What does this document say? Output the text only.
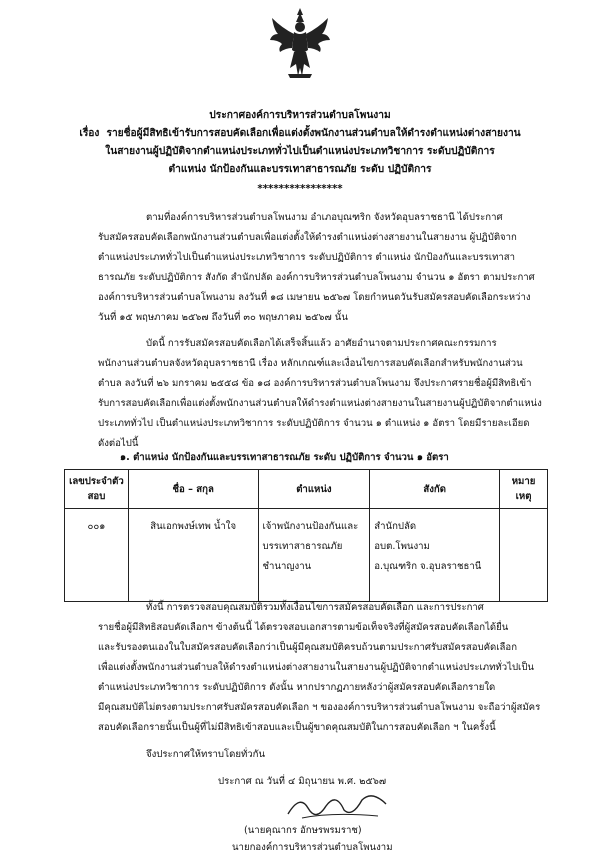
ประกาศองค์การบริหารส่วนตำบลโพนงาม
เรื่อง รายชื่อผู้มีสิทธิเข้ารับการสอบคัดเลือกเพื่อแต่งตั้งพนักงานส่วนตำบลให้ดำรงตำแหน่งต่างสายงาน
ในสายงานผู้ปฏิบัติจากตำแหน่งประเภททั่วไปเป็นตำแหน่งประเภทวิชาการ ระดับปฏิบัติการ
ตำแหน่ง นักป้องกันและบรรเทาสาธารณภัย ระดับ ปฏิบัติการ
****************
ตามที่องค์การบริหารส่วนตำบลโพนงาม อำเภอบุณฑริก จังหวัดอุบลราชธานี ได้ประกาศ
รับสมัครสอบคัดเลือกพนักงานส่วนตำบลเพื่อแต่งตั้งให้ดำรงตำแหน่งต่างสายงานในสายงาน ผู้ปฏิบัติจาก
ตำแหน่งประเภททั่วไปเป็นตำแหน่งประเภทวิชาการ ระดับปฏิบัติการ ตำแหน่ง นักป้องกันและบรรเทาสา
ธารณภัย ระดับปฏิบัติการ สังกัด สำนักปลัด องค์การบริหารส่วนตำบลโพนงาม จำนวน ๑ อัตรา ตามประกาศ
องค์การบริหารส่วนตำบลโพนงาม ลงวันที่ ๑๘ เมษายน ๒๕๖๗ โดยกำหนดวันรับสมัครสอบคัดเลือกระหว่าง
วันที่ ๑๕ พฤษภาคม ๒๕๖๗ ถึงวันที่ ๓๐ พฤษภาคม ๒๕๖๗ นั้น
บัดนี้ การรับสมัครสอบคัดเลือกได้เสร็จสิ้นแล้ว อาศัยอำนาจตามประกาศคณะกรรมการ
พนักงานส่วนตำบลจังหวัดอุบลราชธานี เรื่อง หลักเกณฑ์และเงื่อนไขการสอบคัดเลือกสำหรับพนักงานส่วน
ตำบล ลงวันที่ ๒๖ มกราคม ๒๕๕๘ ข้อ ๑๘ องค์การบริหารส่วนตำบลโพนงาม จึงประกาศรายชื่อผู้มีสิทธิเข้า
รับการสอบคัดเลือกเพื่อแต่งตั้งพนักงานส่วนตำบลให้ดำรงตำแหน่งต่างสายงานในสายงานผู้ปฏิบัติจากตำแหน่ง
ประเภททั่วไป เป็นตำแหน่งประเภทวิชาการ ระดับปฏิบัติการ จำนวน ๑ ตำแหน่ง ๑ อัตรา โดยมีรายละเอียด
ดังต่อไปนี้
๑. ตำแหน่ง นักป้องกันและบรรเทาสาธารณภัย ระดับ ปฏิบัติการ จำนวน ๑ อัตรา
เลขประจำตัว
สอบ	ชื่อ – สกุล	ตำแหน่ง	สังกัด	หมาย
เหตุ
๐๐๑	สินเอกพงษ์เทพ น้ำใจ	เจ้าพนักงานป้องกันและ
บรรเทาสาธารณภัย
ชำนาญงาน	สำนักปลัด
อบต.โพนงาม
อ.บุณฑริก จ.อุบลราชธานี	
ทั้งนี้ การตรวจสอบคุณสมบัติรวมทั้งเงื่อนไขการสมัครสอบคัดเลือก และการประกาศ
รายชื่อผู้มีสิทธิสอบคัดเลือกฯ ข้างต้นนี้ ได้ตรวจสอบเอกสารตามข้อเท็จจริงที่ผู้สมัครสอบคัดเลือกได้ยื่น
และรับรองตนเองในใบสมัครสอบคัดเลือกว่าเป็นผู้มีคุณสมบัติครบถ้วนตามประกาศรับสมัครสอบคัดเลือก
เพื่อแต่งตั้งพนักงานส่วนตำบลให้ดำรงตำแหน่งต่างสายงานในสายงานผู้ปฏิบัติจากตำแหน่งประเภททั่วไปเป็น
ตำแหน่งประเภทวิชาการ ระดับปฏิบัติการ ดังนั้น หากปรากฏภายหลังว่าผู้สมัครสอบคัดเลือกรายใด
มีคุณสมบัติไม่ตรงตามประกาศรับสมัครสอบคัดเลือก ฯ ขององค์การบริหารส่วนตำบลโพนงาม จะถือว่าผู้สมัคร
สอบคัดเลือกรายนั้นเป็นผู้ที่ไม่มีสิทธิเข้าสอบและเป็นผู้ขาดคุณสมบัติในการสอบคัดเลือก ฯ ในครั้งนี้
จึงประกาศให้ทราบโดยทั่วกัน
ประกาศ ณ วันที่ ๔ มิถุนายน พ.ศ. ๒๕๖๗
(นายคุณากร อักษรพรมราช)
นายกองค์การบริหารส่วนตำบลโพนงาม
